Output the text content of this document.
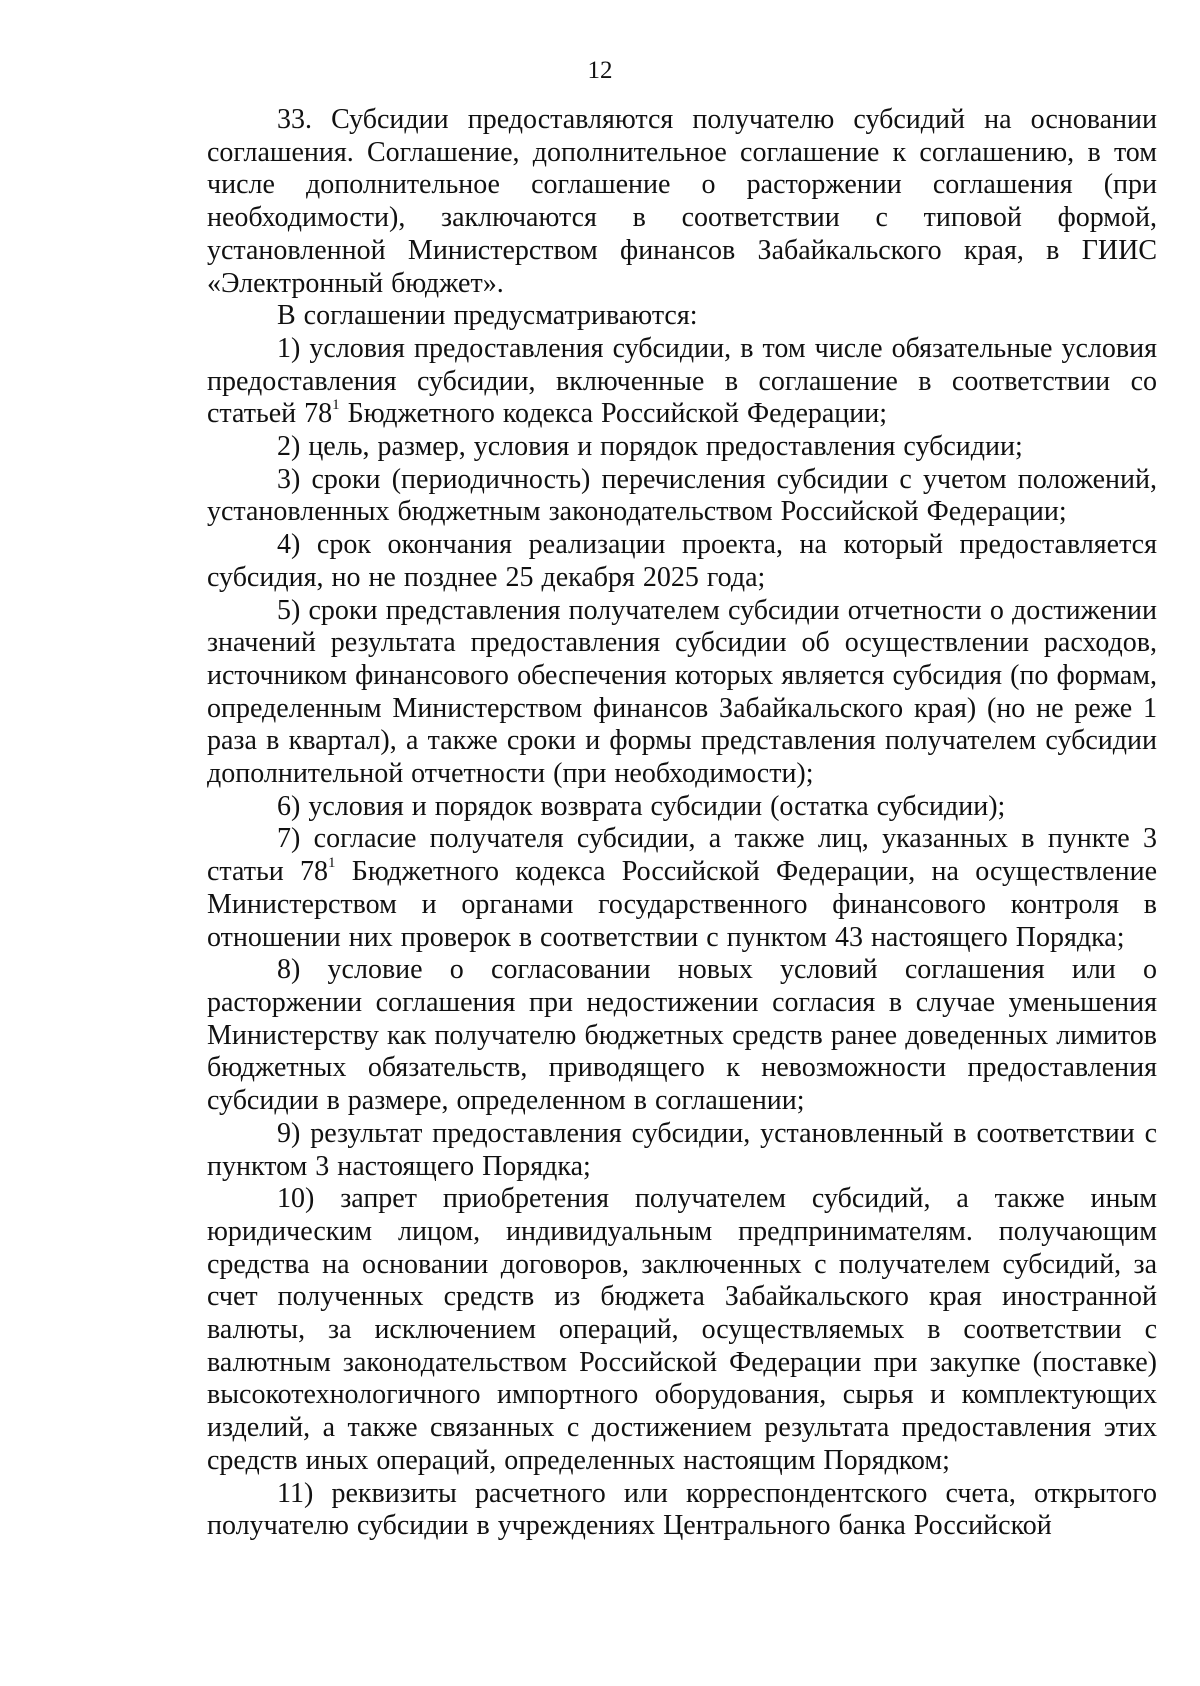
12

33. Субсидии предоставляются получателю субсидий на основании соглашения. Соглашение, дополнительное соглашение к соглашению, в том числе дополнительное соглашение о расторжении соглашения (при необходимости), заключаются в соответствии с типовой формой, установленной Министерством финансов Забайкальского края, в ГИИС «Электронный бюджет».

В соглашении предусматриваются:

1) условия предоставления субсидии, в том числе обязательные условия предоставления субсидии, включенные в соглашение в соответствии со статьей $78^1$ Бюджетного кодекса Российской Федерации;

2) цель, размер, условия и порядок предоставления субсидии;

3) сроки (периодичность) перечисления субсидии с учетом положений, установленных бюджетным законодательством Российской Федерации;

4) срок окончания реализации проекта, на который предоставляется субсидия, но не позднее 25 декабря 2025 года;

5) сроки представления получателем субсидии отчетности о достижении значений результата предоставления субсидии об осуществлении расходов, источником финансового обеспечения которых является субсидия (по формам, определенным Министерством финансов Забайкальского края) (но не реже 1 раза в квартал), а также сроки и формы представления получателем субсидии дополнительной отчетности (при необходимости);

6) условия и порядок возврата субсидии (остатка субсидии);

7) согласие получателя субсидии, а также лиц, указанных в пункте 3 статьи $78^1$ Бюджетного кодекса Российской Федерации, на осуществление Министерством и органами государственного финансового контроля в отношении них проверок в соответствии с пунктом 43 настоящего Порядка;

8) условие о согласовании новых условий соглашения или о расторжении соглашения при недостижении согласия в случае уменьшения Министерству как получателю бюджетных средств ранее доведенных лимитов бюджетных обязательств, приводящего к невозможности предоставления субсидии в размере, определенном в соглашении;

9) результат предоставления субсидии, установленный в соответствии с пунктом 3 настоящего Порядка;

10) запрет приобретения получателем субсидий, а также иным юридическим лицом, индивидуальным предпринимателям. получающим средства на основании договоров, заключенных с получателем субсидий, за счет полученных средств из бюджета Забайкальского края иностранной валюты, за исключением операций, осуществляемых в соответствии с валютным законодательством Российской Федерации при закупке (поставке) высокотехнологичного импортного оборудования, сырья и комплектующих изделий, а также связанных с достижением результата предоставления этих средств иных операций, определенных настоящим Порядком;

11) реквизиты расчетного или корреспондентского счета, открытого получателю субсидии в учреждениях Центрального банка Российской
